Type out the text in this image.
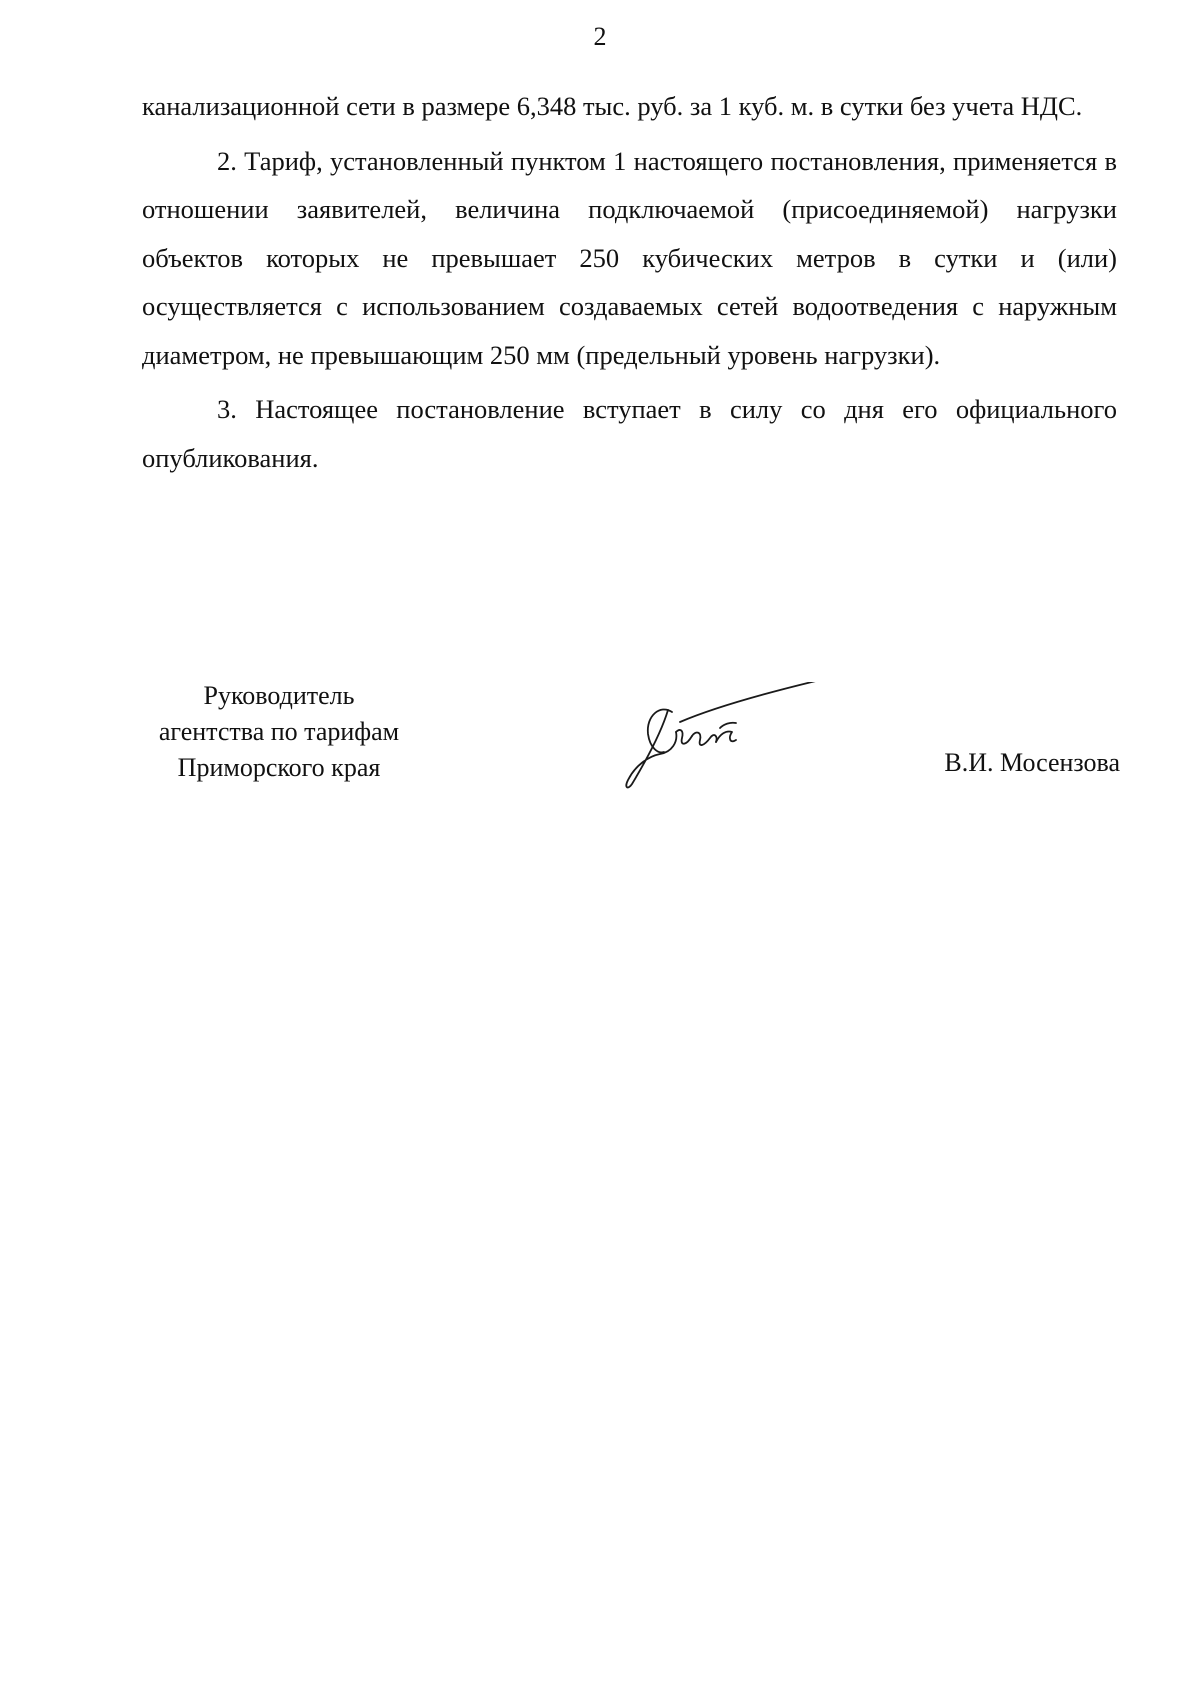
2

канализационной сети в размере 6,348 тыс. руб. за 1 куб. м. в сутки без учета НДС.

2. Тариф, установленный пунктом 1 настоящего постановления, применяется в отношении заявителей, величина подключаемой (присоединяемой) нагрузки объектов которых не превышает 250 кубических метров в сутки и (или) осуществляется с использованием создаваемых сетей водоотведения с наружным диаметром, не превышающим 250 мм (предельный уровень нагрузки).

3. Настоящее постановление вступает в силу со дня его официального опубликования.

Руководитель
агентства по тарифам
Приморского края	В.И. Мосензова
